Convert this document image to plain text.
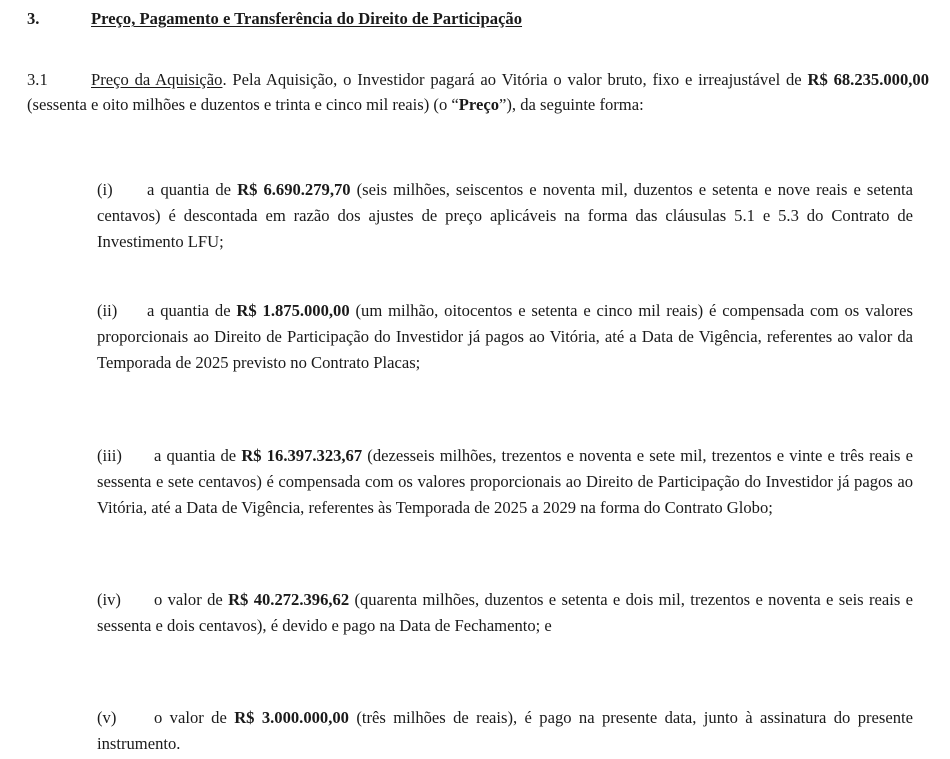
3.	Preço, Pagamento e Transferência do Direito de Participação
3.1	Preço da Aquisição. Pela Aquisição, o Investidor pagará ao Vitória o valor bruto, fixo e irreajustável de R$ 68.235.000,00 (sessenta e oito milhões e duzentos e trinta e cinco mil reais) (o “Preço”), da seguinte forma:
(i) a quantia de R$ 6.690.279,70 (seis milhões, seiscentos e noventa mil, duzentos e setenta e nove reais e setenta centavos) é descontada em razão dos ajustes de preço aplicáveis na forma das cláusulas 5.1 e 5.3 do Contrato de Investimento LFU;
(ii) a quantia de R$ 1.875.000,00 (um milhão, oitocentos e setenta e cinco mil reais) é compensada com os valores proporcionais ao Direito de Participação do Investidor já pagos ao Vitória, até a Data de Vigência, referentes ao valor da Temporada de 2025 previsto no Contrato Placas;
(iii) a quantia de R$ 16.397.323,67 (dezesseis milhões, trezentos e noventa e sete mil, trezentos e vinte e três reais e sessenta e sete centavos) é compensada com os valores proporcionais ao Direito de Participação do Investidor já pagos ao Vitória, até a Data de Vigência, referentes às Temporada de 2025 a 2029 na forma do Contrato Globo;
(iv) o valor de R$ 40.272.396,62 (quarenta milhões, duzentos e setenta e dois mil, trezentos e noventa e seis reais e sessenta e dois centavos), é devido e pago na Data de Fechamento; e
(v) o valor de R$ 3.000.000,00 (três milhões de reais), é pago na presente data, junto à assinatura do presente instrumento.
